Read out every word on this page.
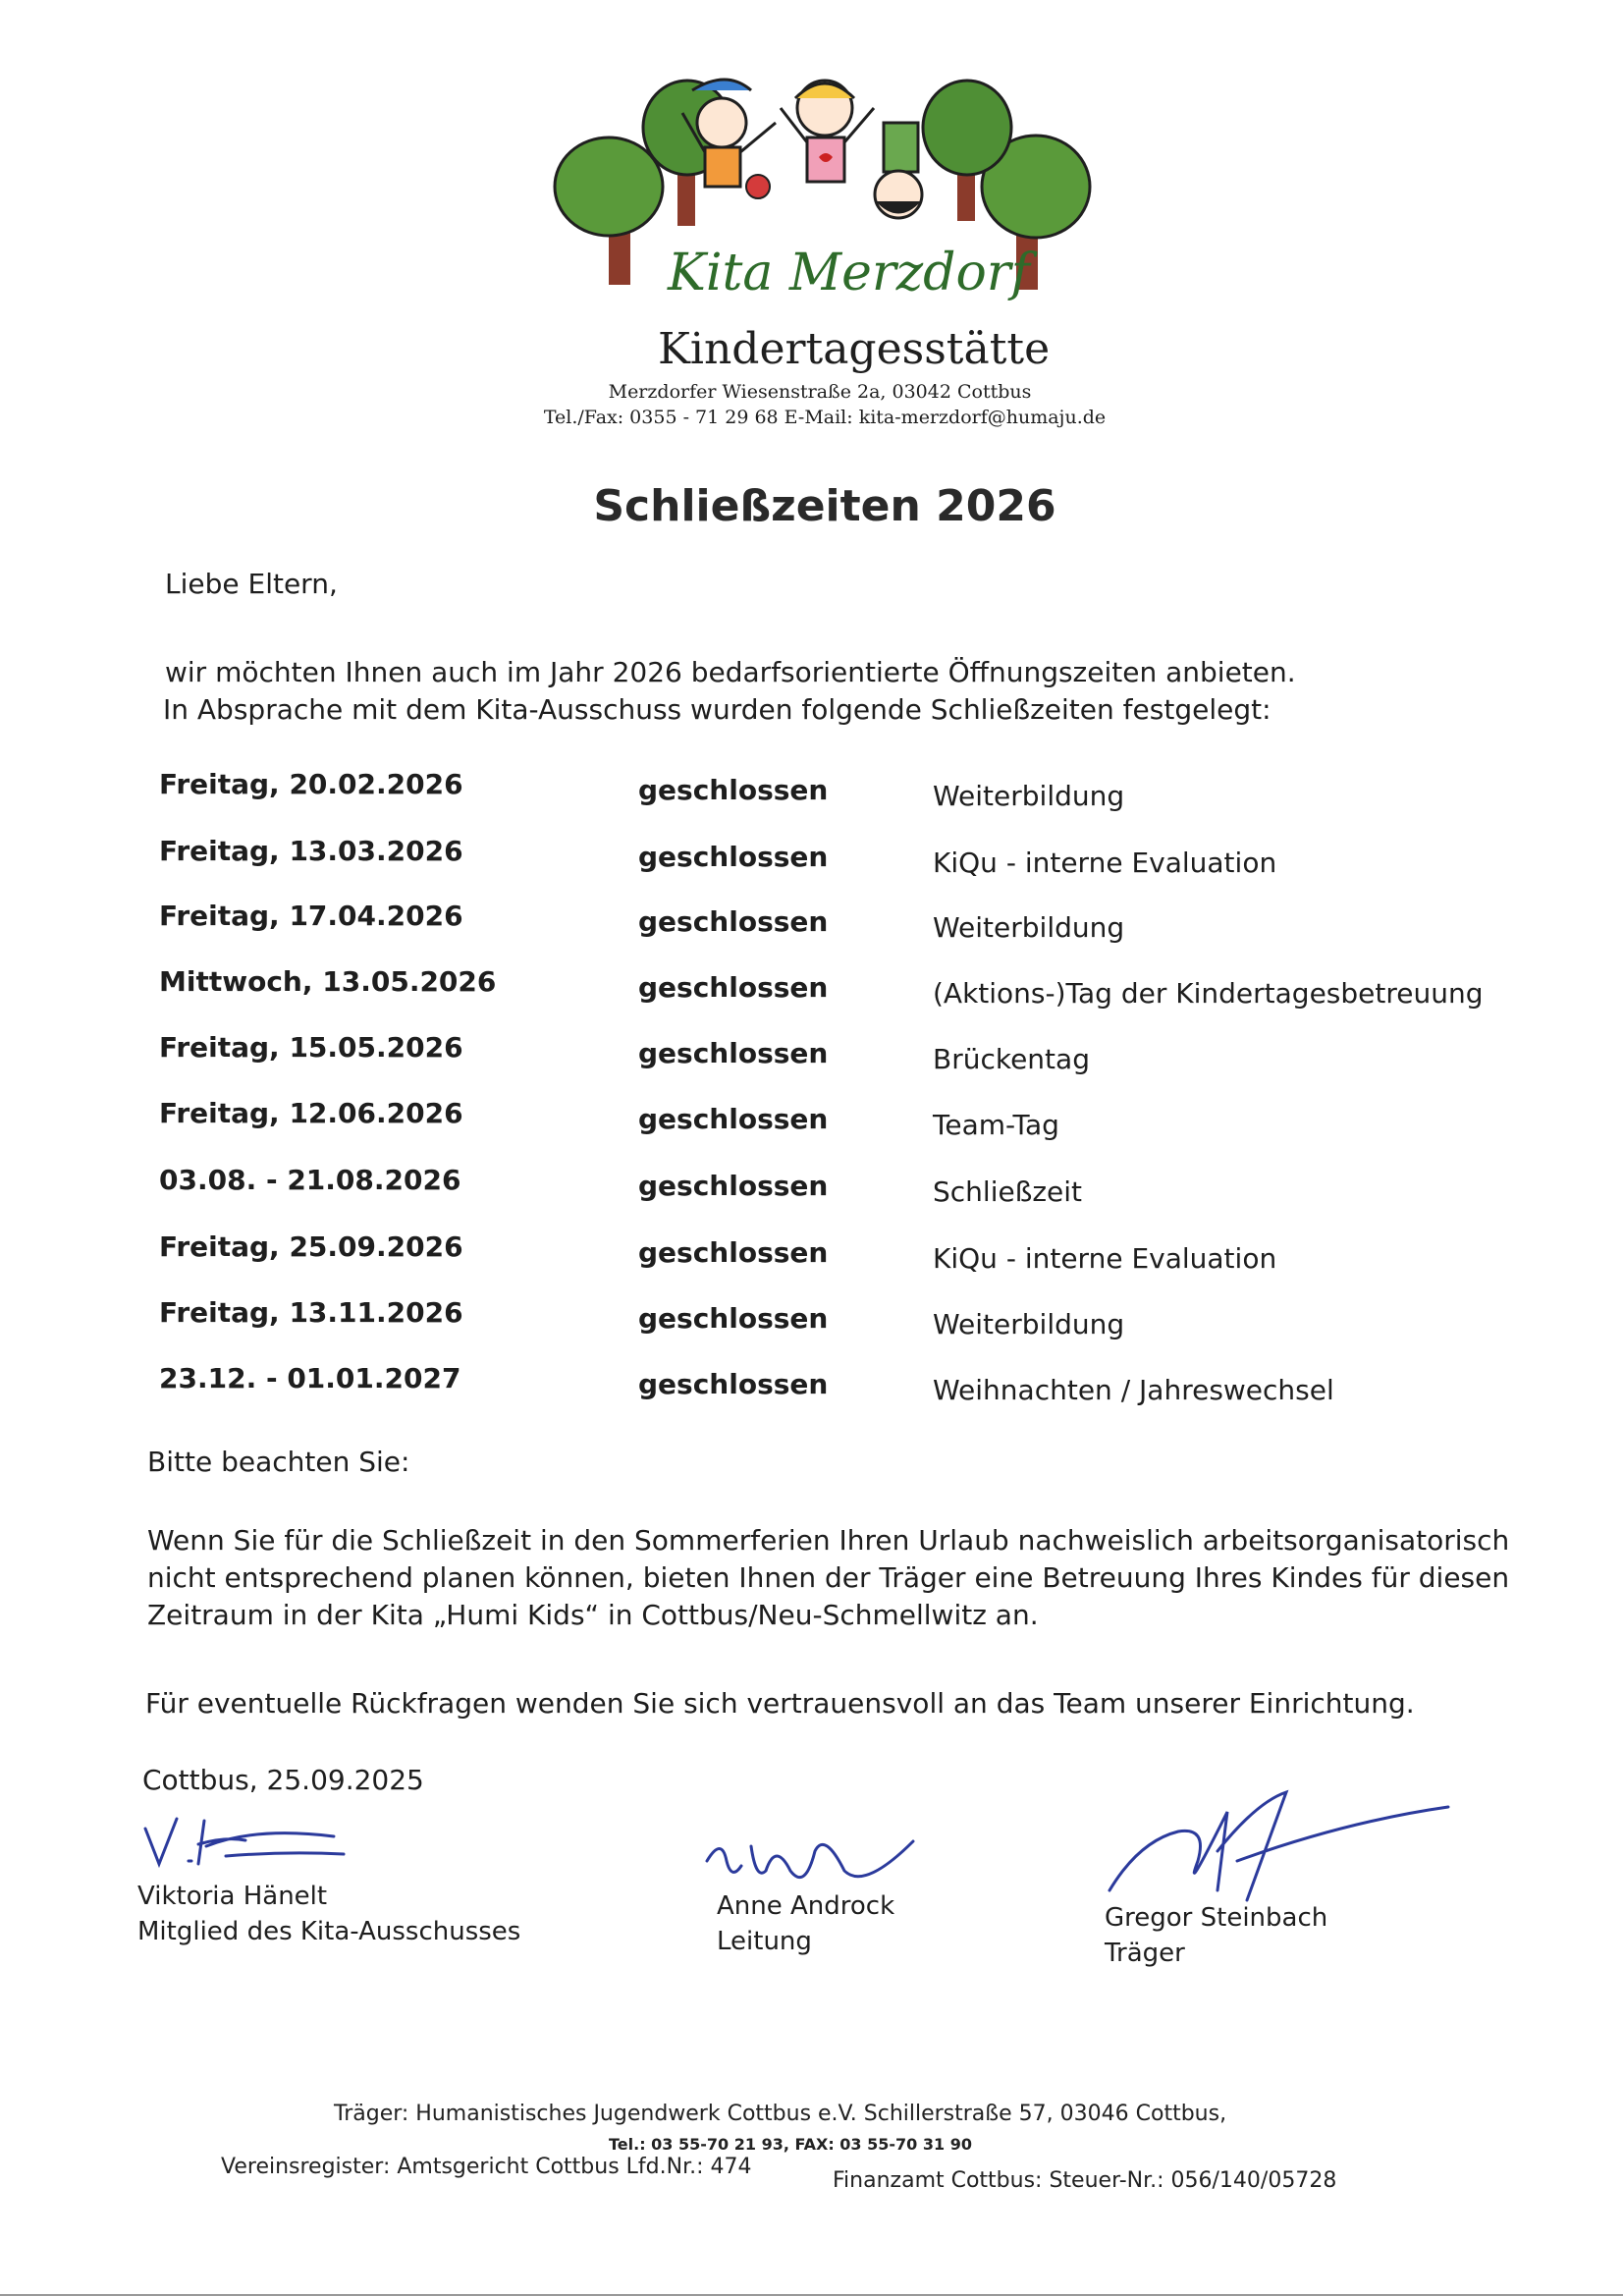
Kita Merzdorf
Kindertagesstätte
Merzdorfer Wiesenstraße 2a, 03042 Cottbus
Tel./Fax: 0355 - 71 29 68 E-Mail: kita-merzdorf@humaju.de
Schließzeiten 2026
Liebe Eltern,
wir möchten Ihnen auch im Jahr 2026 bedarfsorientierte Öffnungszeiten anbieten.
In Absprache mit dem Kita-Ausschuss wurden folgende Schließzeiten festgelegt:
Freitag, 20.02.2026	geschlossen	Weiterbildung
Freitag, 13.03.2026	geschlossen	KiQu - interne Evaluation
Freitag, 17.04.2026	geschlossen	Weiterbildung
Mittwoch, 13.05.2026	geschlossen	(Aktions-)Tag der Kindertagesbetreuung
Freitag, 15.05.2026	geschlossen	Brückentag
Freitag, 12.06.2026	geschlossen	Team-Tag
03.08. - 21.08.2026	geschlossen	Schließzeit
Freitag, 25.09.2026	geschlossen	KiQu - interne Evaluation
Freitag, 13.11.2026	geschlossen	Weiterbildung
23.12. - 01.01.2027	geschlossen	Weihnachten / Jahreswechsel
Bitte beachten Sie:
Wenn Sie für die Schließzeit in den Sommerferien Ihren Urlaub nachweislich arbeitsorganisatorisch
nicht entsprechend planen können, bieten Ihnen der Träger eine Betreuung Ihres Kindes für diesen
Zeitraum in der Kita „Humi Kids“ in Cottbus/Neu-Schmellwitz an.
Für eventuelle Rückfragen wenden Sie sich vertrauensvoll an das Team unserer Einrichtung.
Cottbus, 25.09.2025
Viktoria Hänelt
Mitglied des Kita-Ausschusses
Anne Androck
Leitung
Gregor Steinbach
Träger
Träger: Humanistisches Jugendwerk Cottbus e.V. Schillerstraße 57, 03046 Cottbus,
Tel.: 03 55-70 21 93, FAX: 03 55-70 31 90
Vereinsregister: Amtsgericht Cottbus Lfd.Nr.: 474
Finanzamt Cottbus: Steuer-Nr.: 056/140/05728
